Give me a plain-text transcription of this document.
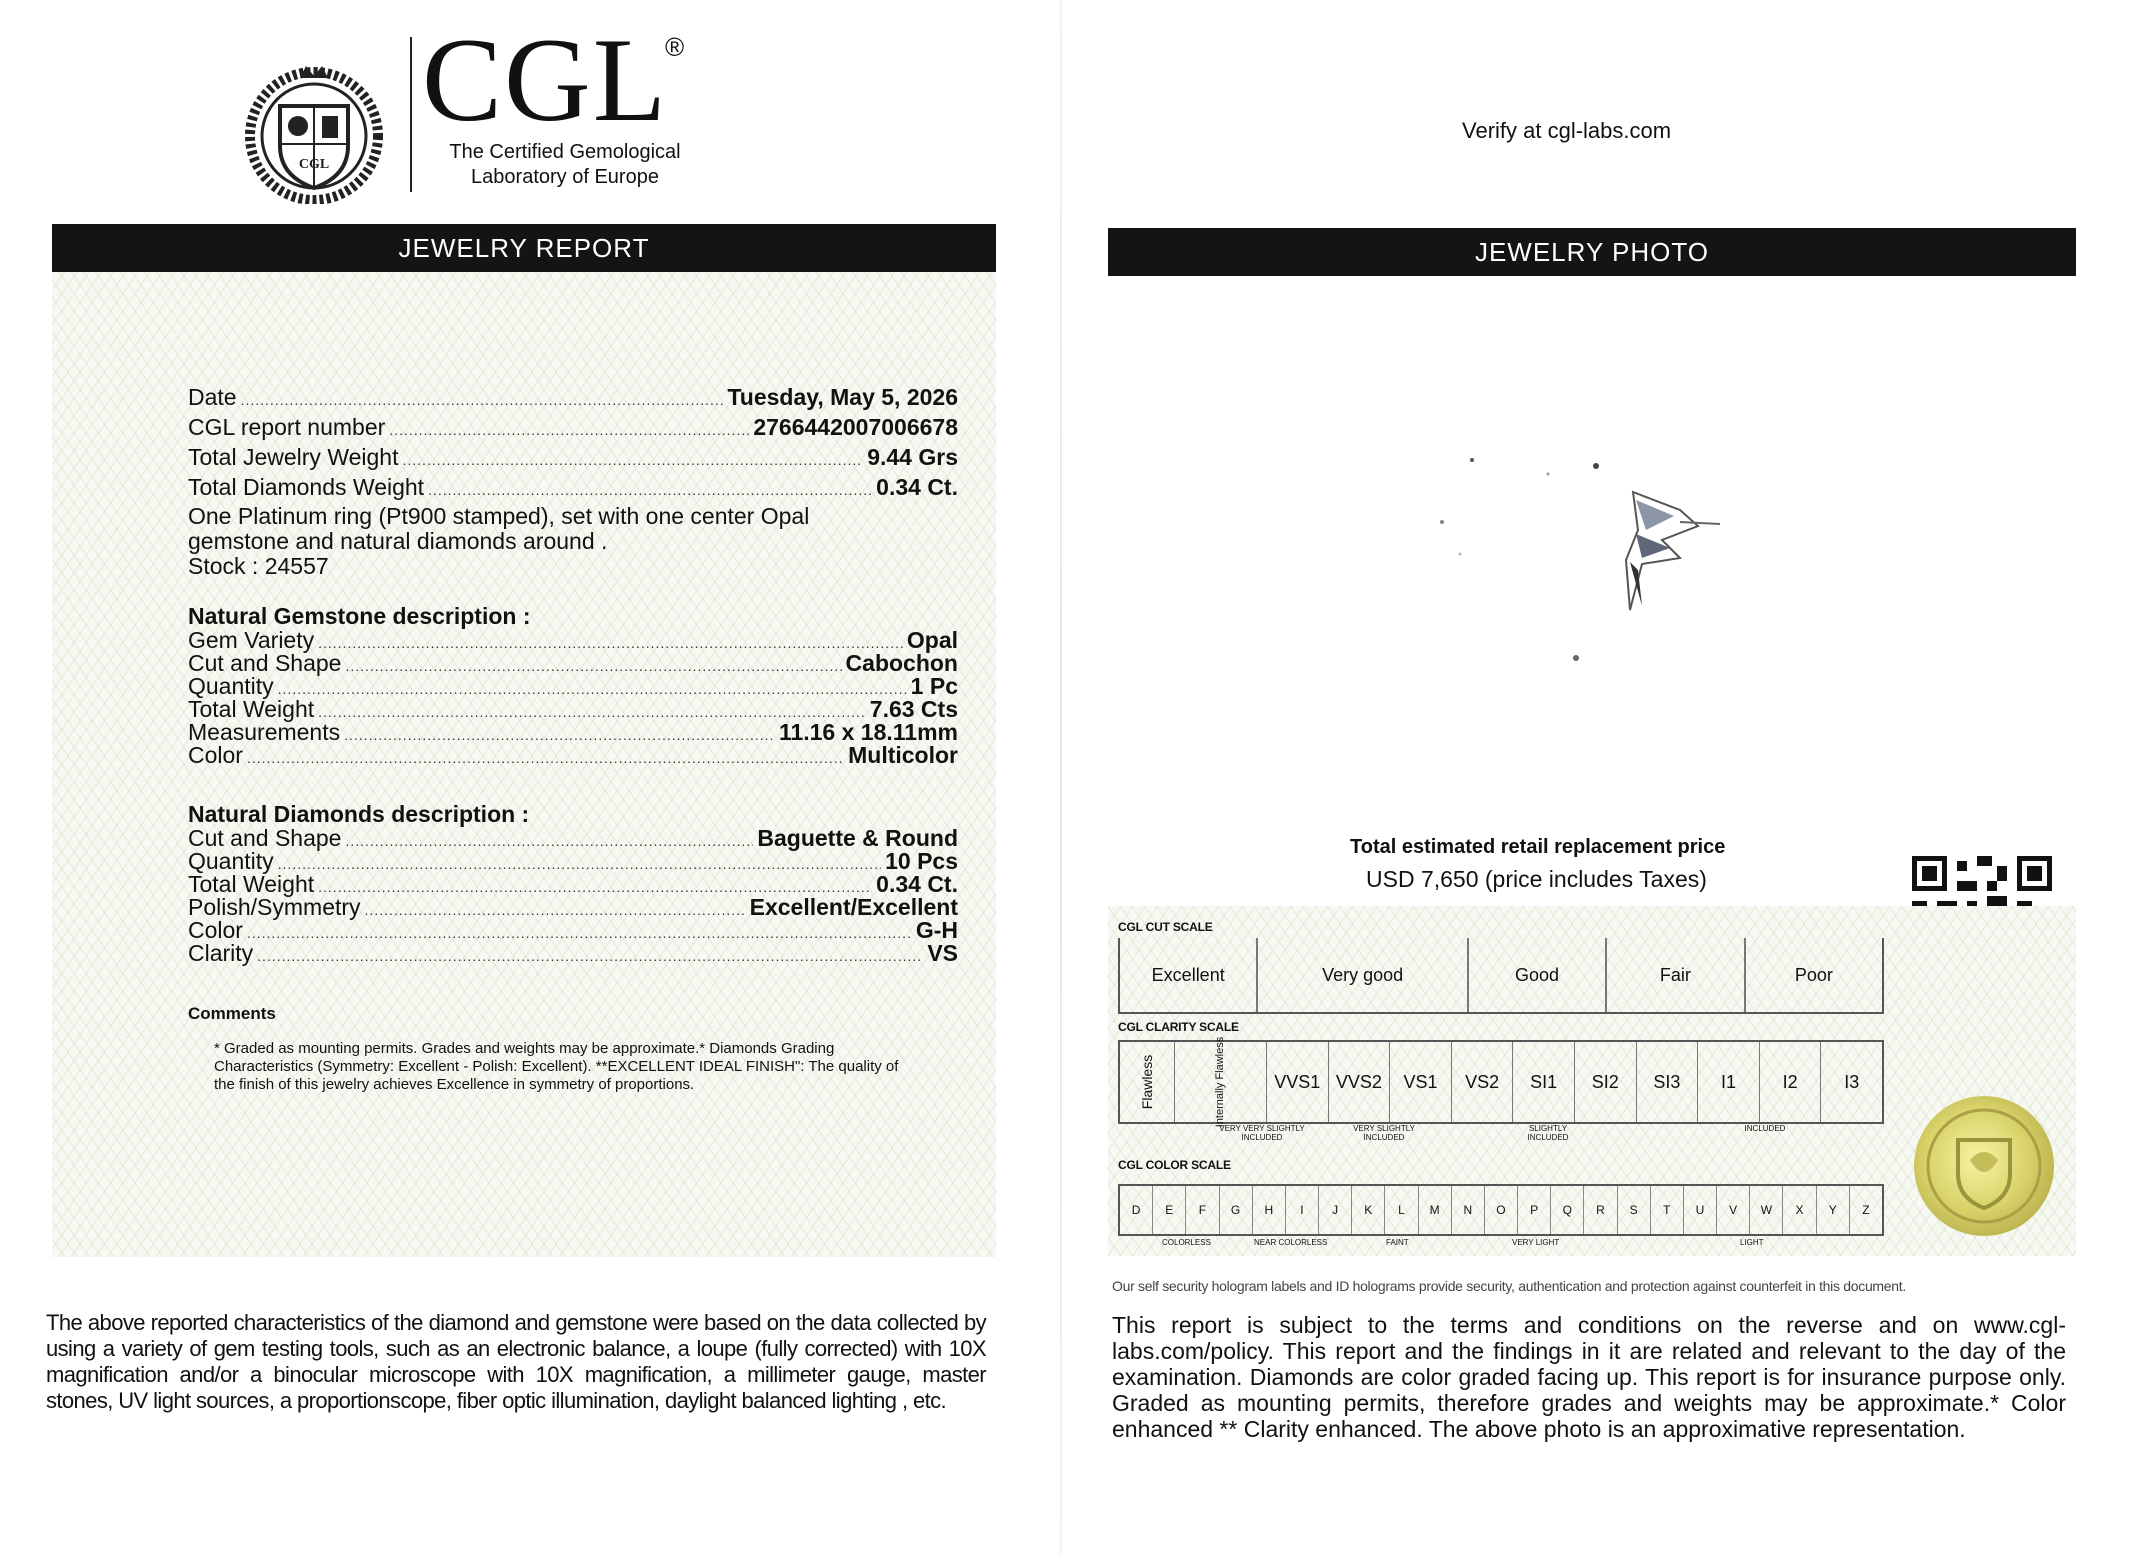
CGL
CGL
®
The Certified Gemological
Laboratory of Europe
JEWELRY REPORT
Date .....	Tuesday, May 5, 2026
CGL report number .....	2766442007006678
Total Jewelry Weight .....	9.44 Grs
Total Diamonds Weight .....	0.34 Ct.
One Platinum ring (Pt900 stamped), set with one center Opal
gemstone and natural diamonds around .
Stock : 24557
Natural Gemstone description :
Gem Variety .....	Opal
Cut and Shape .....	Cabochon
Quantity .....	1 Pc
Total Weight .....	7.63 Cts
Measurements .....	11.16 x 18.11mm
Color .....	Multicolor
Natural Diamonds description :
Cut and Shape .....	Baguette & Round
Quantity .....	10 Pcs
Total Weight .....	0.34 Ct.
Polish/Symmetry .....	Excellent/Excellent
Color .....	G-H
Clarity .....	VS
Comments
* Graded as mounting permits. Grades and weights may be approximate.* Diamonds Grading Characteristics (Symmetry: Excellent - Polish: Excellent). **EXCELLENT IDEAL FINISH": The quality of the finish of this jewelry achieves Excellence in symmetry of proportions.
The above reported characteristics of the diamond and gemstone were based on the data collected by using a variety of gem testing tools, such as an electronic balance, a loupe (fully corrected) with 10X magnification and/or a binocular microscope with 10X magnification, a millimeter gauge, master stones, UV light sources, a proportionscope, fiber optic illumination, daylight balanced lighting , etc.
Verify at cgl-labs.com
JEWELRY PHOTO
Total estimated retail replacement price
USD 7,650 (price includes Taxes)
CGL CUT SCALE
Excellent	Very good	Good	Fair	Poor
CGL CLARITY SCALE
Flawless	Internally Flawless	VVS1 VVS2	VS1	VS2	SI1	SI2	SI3	I1	I2	I3
VERY VERY SLIGHTLY INCLUDED
VERY SLIGHTLY INCLUDED
SLIGHTLY INCLUDED
INCLUDED
CGL COLOR SCALE
D	E	F	G	H	I	J	K	L	M	N	O	P	Q	R	S	T	U	V	W	X	Y	Z
COLORLESS	NEAR COLORLESS	FAINT	VERY LIGHT	LIGHT
Our self security hologram labels and ID holograms provide security, authentication and protection against counterfeit in this document.
This report is subject to the terms and conditions on the reverse and on www.cgl-labs.com/policy. This report and the findings in it are related and relevant to the day of the examination. Diamonds are color graded facing up. This report is for insurance purpose only. Graded as mounting permits, therefore grades and weights may be approximate.* Color enhanced ** Clarity enhanced. The above photo is an approximative representation.
